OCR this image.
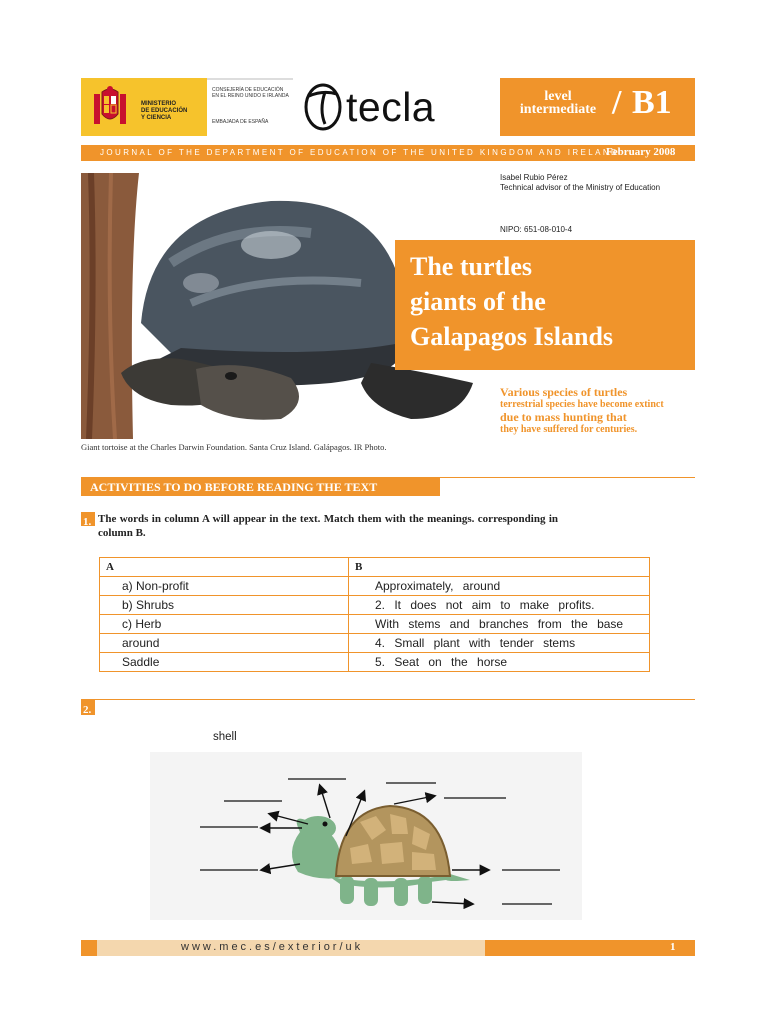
MINISTERIO
DE EDUCACIÓN
Y CIENCIA
CONSEJERÍA DE EDUCACIÓN
EN EL REINO UNIDO E IRLANDA
EMBAJADA DE ESPAÑA tecla	level
intermediate / B1
JOURNAL OF THE DEPARTMENT OF EDUCATION OF THE UNITED KINGDOM AND IRELAND
February 2008
Giant tortoise at the Charles Darwin Foundation. Santa Cruz Island. Galápagos. IR Photo.
Isabel Rubio Pérez
Technical advisor of the Ministry of Education
NIPO: 651-08-010-4
The turtles
giants of the
Galapagos Islands
Various species of turtles
terrestrial species have become extinct
due to mass hunting that
they have suffered for centuries.
ACTIVITIES TO DO BEFORE READING THE TEXT
1. The words in column A will appear in the text. Match them with the meanings. corresponding in column B.
A	B
a) Non-profit	Approximately, around
b) Shrubs	2. It does not aim to make profits.
c) Herb	With stems and branches from the base
around	4. Small plant with tender stems
Saddle	5. Seat on the horse
2.
shell
www.mec.es/exterior/uk	1
